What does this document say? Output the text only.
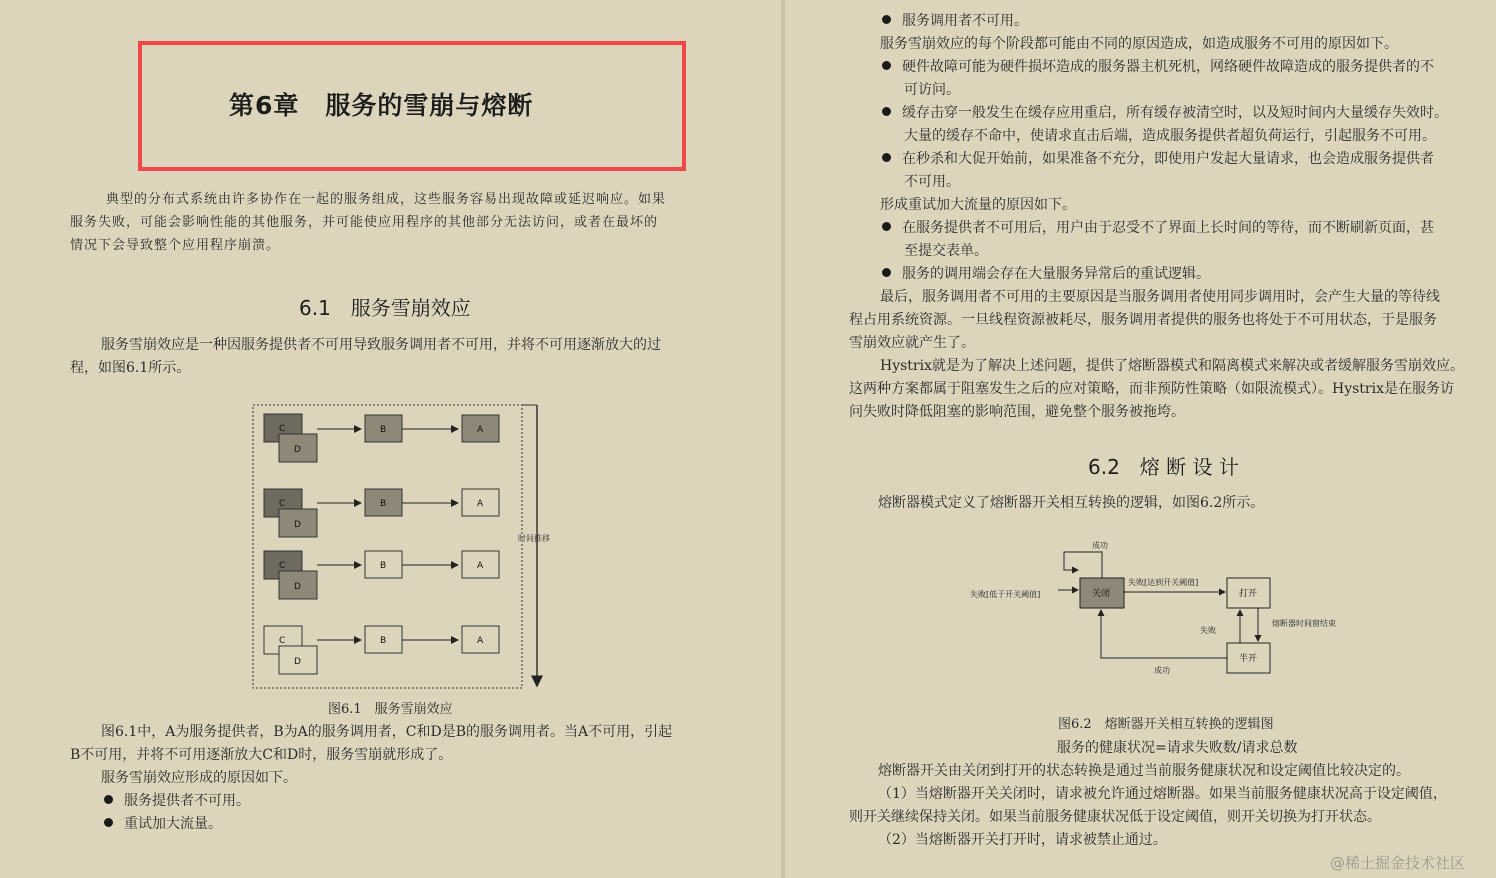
第6章　服务的雪崩与熔断
典型的分布式系统由许多协作在一起的服务组成，这些服务容易出现故障或延迟响应。如果
服务失败，可能会影响性能的其他服务，并可能使应用程序的其他部分无法访问，或者在最坏的
情况下会导致整个应用程序崩溃。
6.1　服务雪崩效应
服务雪崩效应是一种因服务提供者不可用导致服务调用者不可用，并将不可用逐渐放大的过
程，如图6.1所示。
时间推移
C
D
B	A
C
D
B	A
C
D
B	A
C
D
B	A
图6.1　服务雪崩效应
图6.1中，A为服务提供者，B为A的服务调用者，C和D是B的服务调用者。当A不可用，引起
B不可用，并将不可用逐渐放大C和D时，服务雪崩就形成了。
服务雪崩效应形成的原因如下。
服务提供者不可用。
重试加大流量。
服务调用者不可用。
服务雪崩效应的每个阶段都可能由不同的原因造成，如造成服务不可用的原因如下。
硬件故障可能为硬件损坏造成的服务器主机死机，网络硬件故障造成的服务提供者的不
可访问。
缓存击穿一般发生在缓存应用重启，所有缓存被清空时，以及短时间内大量缓存失效时。
大量的缓存不命中，使请求直击后端，造成服务提供者超负荷运行，引起服务不可用。
在秒杀和大促开始前，如果准备不充分，即使用户发起大量请求，也会造成服务提供者
不可用。
形成重试加大流量的原因如下。
在服务提供者不可用后，用户由于忍受不了界面上长时间的等待，而不断刷新页面，甚
至提交表单。
服务的调用端会存在大量服务异常后的重试逻辑。
最后，服务调用者不可用的主要原因是当服务调用者使用同步调用时，会产生大量的等待线
程占用系统资源。一旦线程资源被耗尽，服务调用者提供的服务也将处于不可用状态，于是服务
雪崩效应就产生了。
Hystrix就是为了解决上述问题，提供了熔断器模式和隔离模式来解决或者缓解服务雪崩效应。
这两种方案都属于阻塞发生之后的应对策略，而非预防性策略（如限流模式）。Hystrix是在服务访
问失败时降低阻塞的影响范围，避免整个服务被拖垮。
6.2　熔 断 设 计
熔断器模式定义了熔断器开关相互转换的逻辑，如图6.2所示。
关闭	打开
半开
成功
失败[低于开关阈值]
失败[达到开关阈值]
失败
熔断器时间窗结束
成功
图6.2　熔断器开关相互转换的逻辑图
服务的健康状况=请求失败数/请求总数
熔断器开关由关闭到打开的状态转换是通过当前服务健康状况和设定阈值比较决定的。
（1）当熔断器开关关闭时，请求被允许通过熔断器。如果当前服务健康状况高于设定阈值，
则开关继续保持关闭。如果当前服务健康状况低于设定阈值，则开关切换为打开状态。
（2）当熔断器开关打开时，请求被禁止通过。
@稀土掘金技术社区
